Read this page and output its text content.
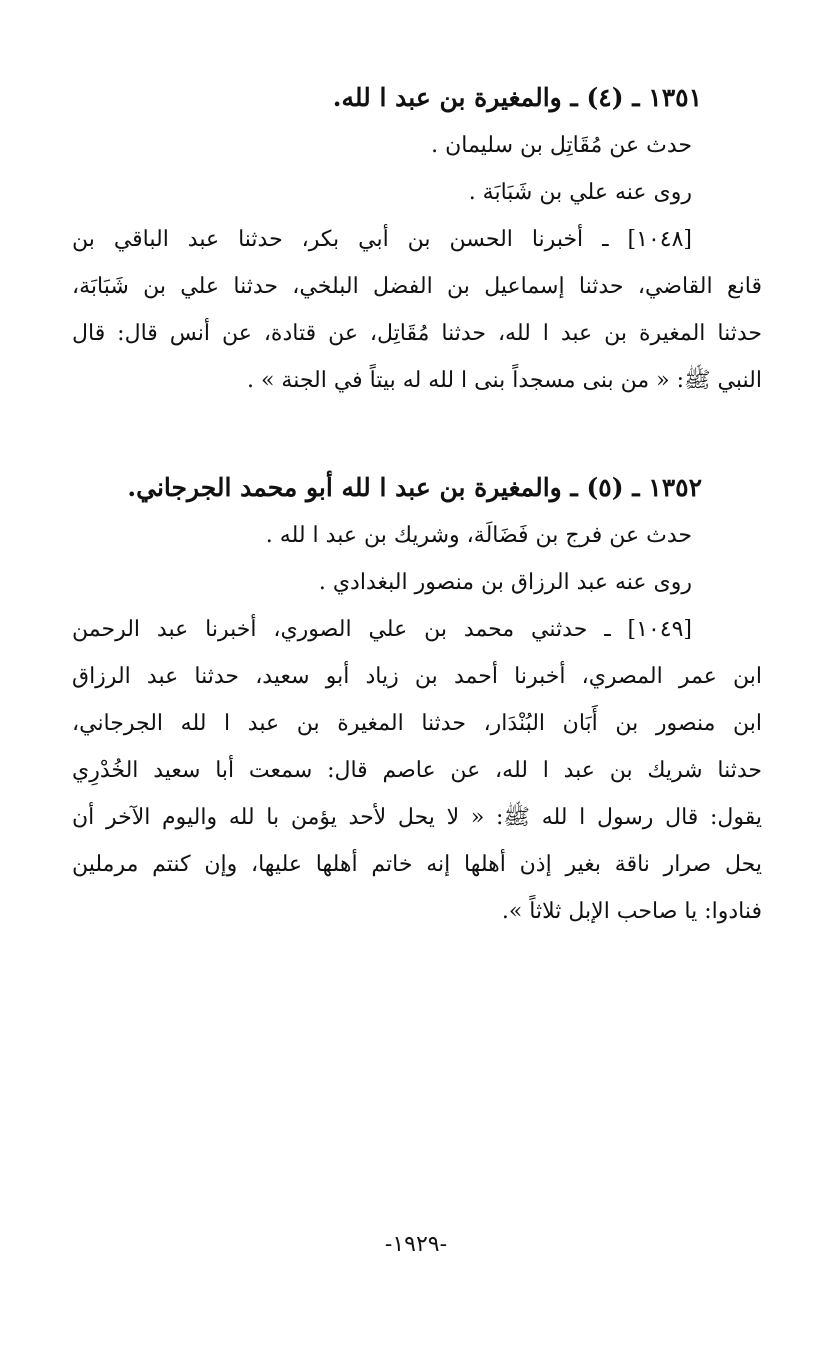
١٣٥١ ـ (٤) ـ والمغيرة بن عبد ا لله.
حدث عن مُقَاتِل بن سليمان .
روى عنه علي بن شَبَابَة .
[١٠٤٨] ـ أخبرنا الحسن بن أبي بكر، حدثنا عبد الباقي بن
قانع القاضي، حدثنا إسماعيل بن الفضل البلخي، حدثنا علي بن شَبَابَة،
حدثنا المغيرة بن عبد ا لله، حدثنا مُقَاتِل، عن قتادة، عن أنس قال: قال
النبي ﷺ: « من بنى مسجداً بنى ا لله له بيتاً في الجنة » .
١٣٥٢ ـ (٥) ـ والمغيرة بن عبد ا لله أبو محمد الجرجاني.
حدث عن فرج بن فَضَالَة، وشريك بن عبد ا لله .
روى عنه عبد الرزاق بن منصور البغدادي .
[١٠٤٩] ـ حدثني محمد بن علي الصوري، أخبرنا عبد الرحمن
ابن عمر المصري، أخبرنا أحمد بن زياد أبو سعيد، حدثنا عبد الرزاق
ابن منصور بن أَبَان البُنْدَار، حدثنا المغيرة بن عبد ا لله الجرجاني،
حدثنا شريك بن عبد ا لله، عن عاصم قال: سمعت أبا سعيد الخُدْرِي
يقول: قال رسول ا لله ﷺ: « لا يحل لأحد يؤمن با لله واليوم الآخر أن
يحل صرار ناقة بغير إذن أهلها إنه خاتم أهلها عليها، وإن كنتم مرملين
فنادوا: يا صاحب الإبل ثلاثاً ».
-١٩٢٩-
